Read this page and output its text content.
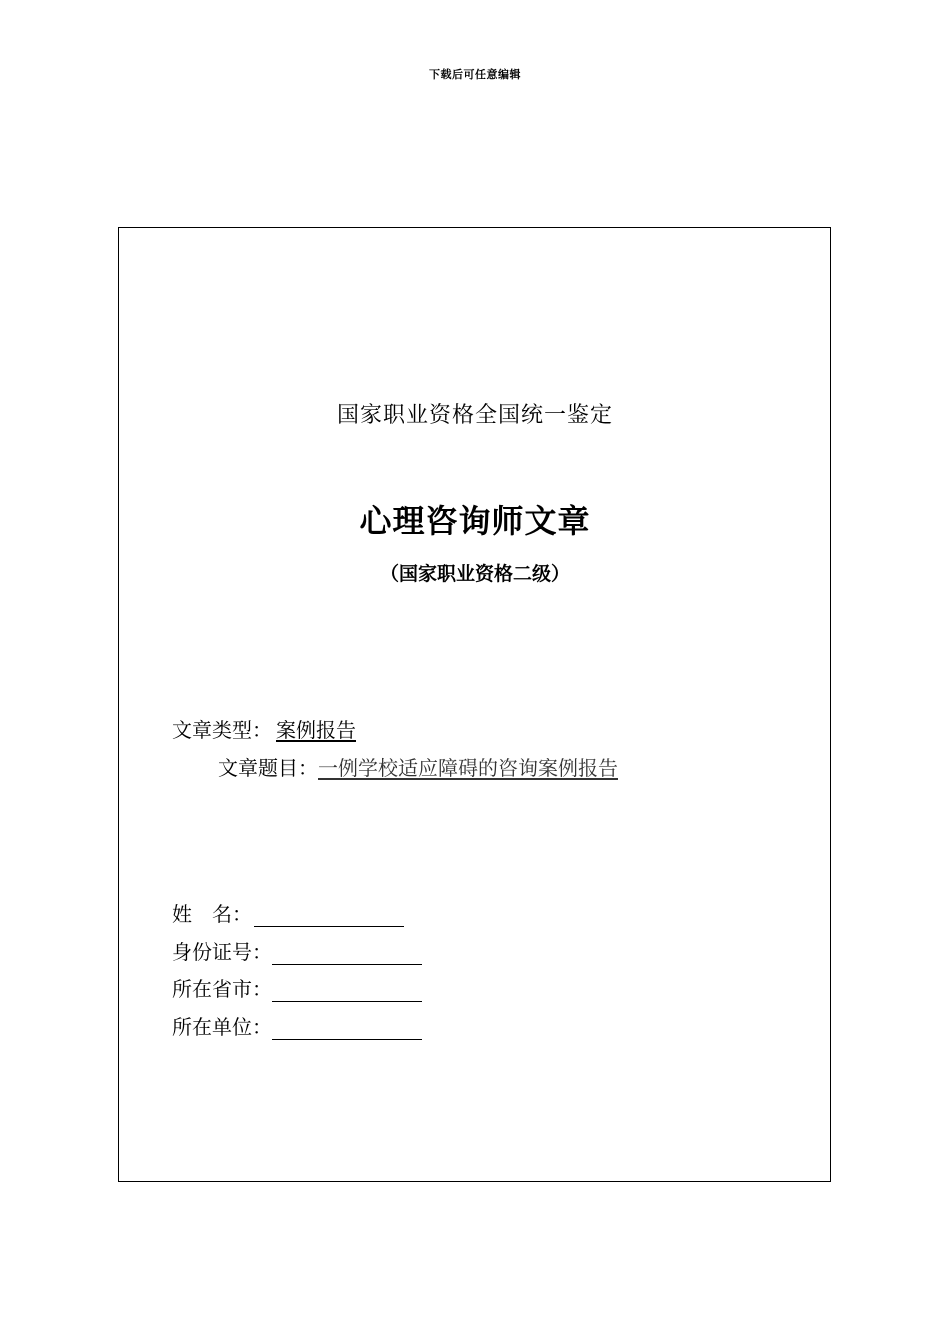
下载后可任意编辑
国家职业资格全国统一鉴定
心理咨询师文章
（国家职业资格二级）
文章类型： 案例报告
文章题目：一例学校适应障碍的咨询案例报告
姓　名：
身份证号：
所在省市：
所在单位：
